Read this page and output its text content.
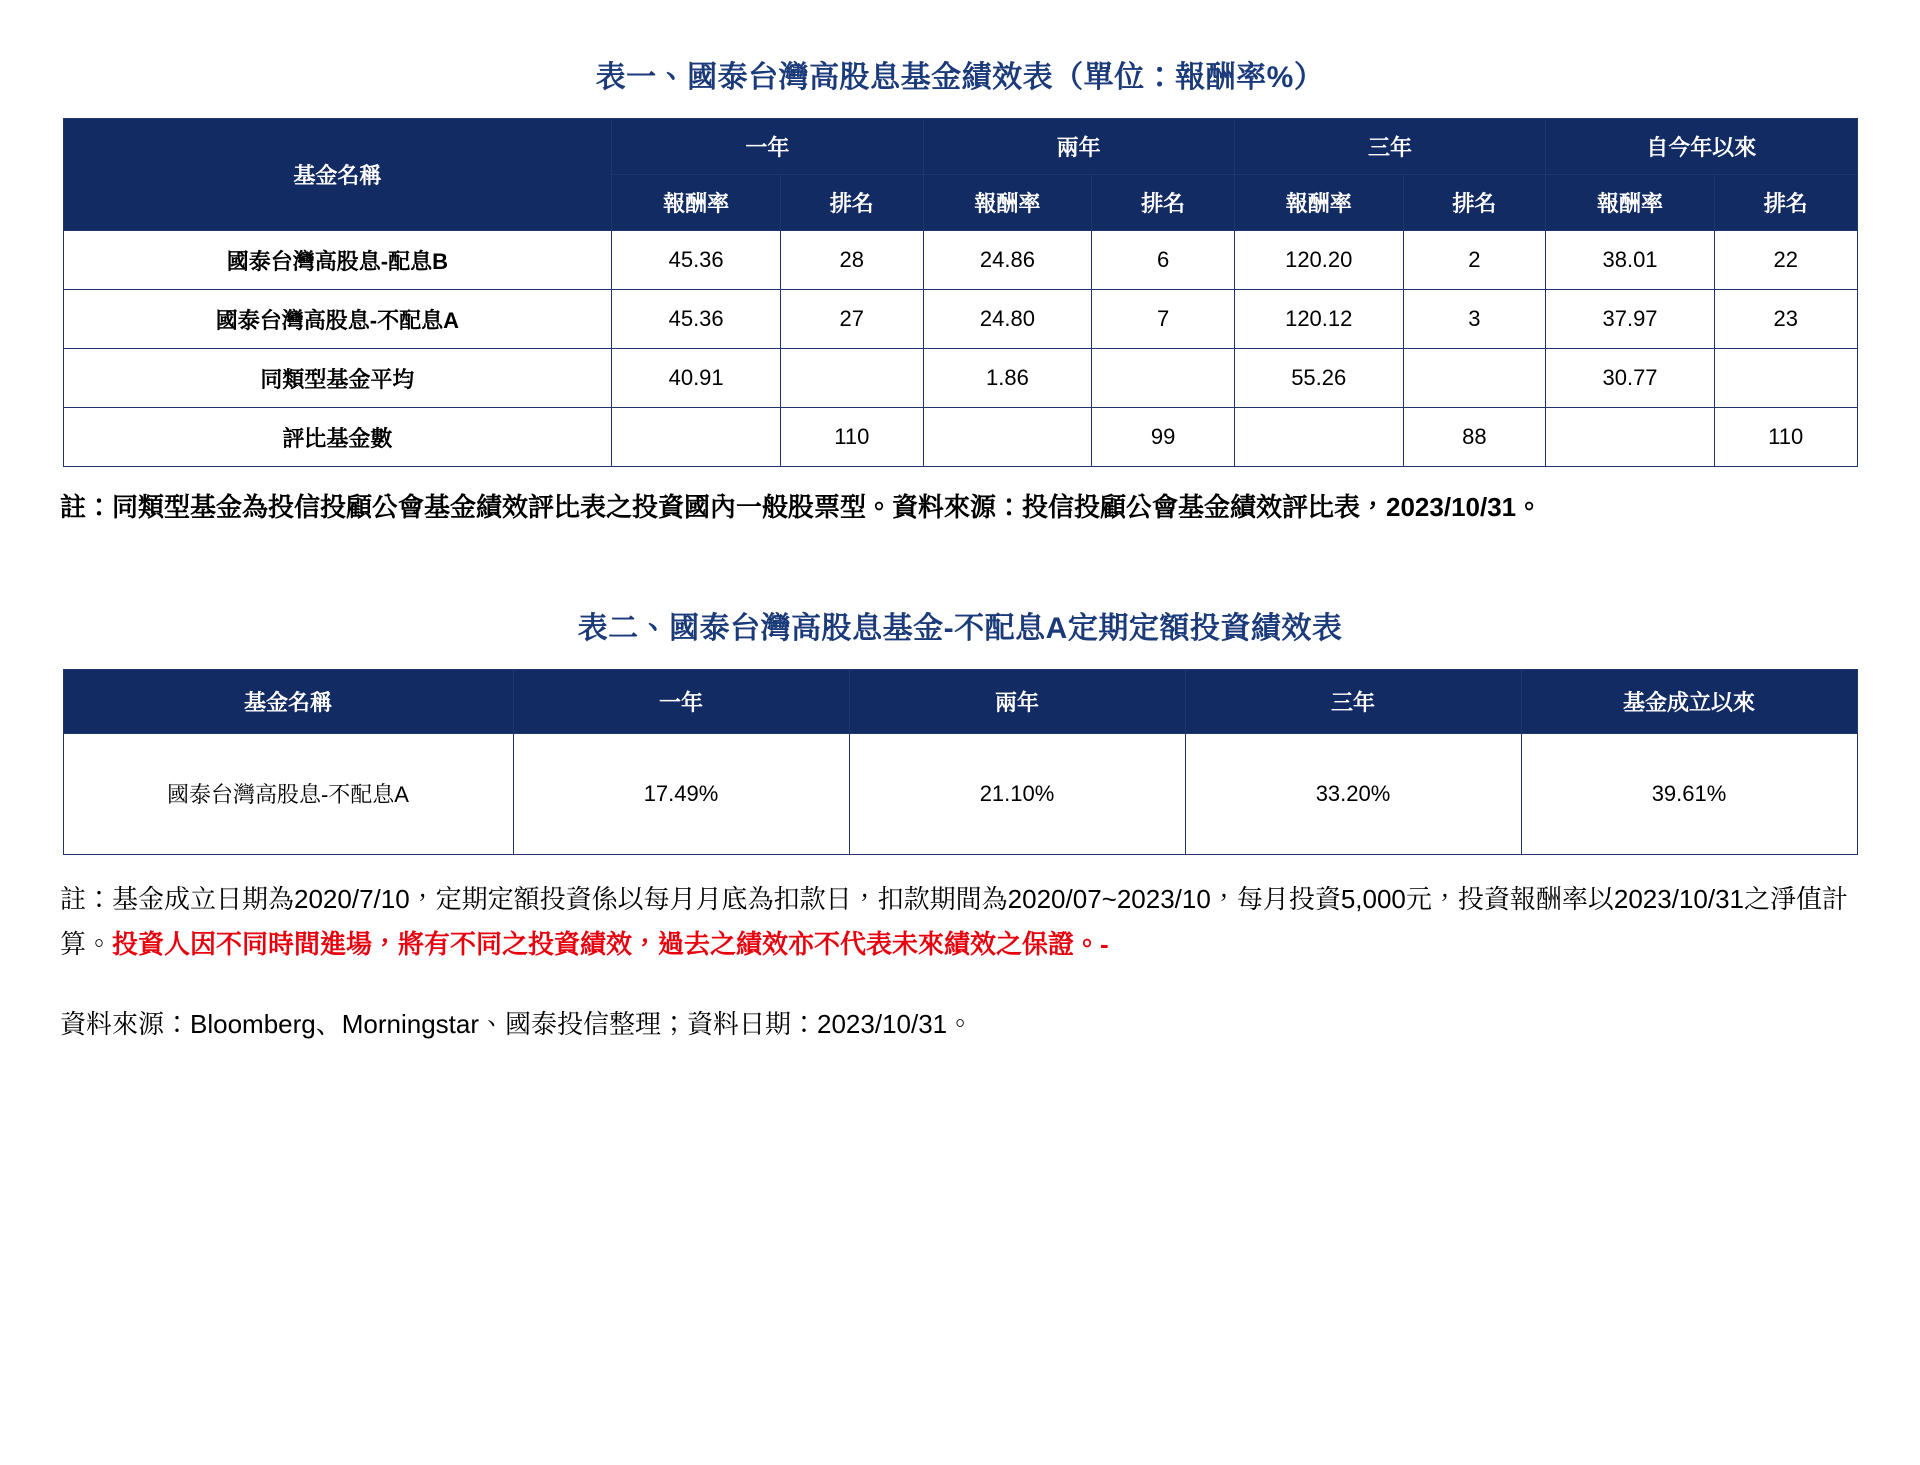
表一、國泰台灣高股息基金績效表（單位：報酬率%）
基金名稱	一年		兩年		三年		自今年以來	
	報酬率	排名	報酬率	排名	報酬率	排名	報酬率	排名
國泰台灣高股息-配息B	45.36	28	24.86	6	120.20	2	38.01	22
國泰台灣高股息-不配息A	45.36	27	24.80	7	120.12	3	37.97	23
同類型基金平均	40.91		1.86		55.26		30.77	
評比基金數		110		99		88		110

註：同類型基金為投信投顧公會基金績效評比表之投資國內一般股票型。資料來源：投信投顧公會基金績效評比表，2023/10/31。

表二、國泰台灣高股息基金-不配息A定期定額投資績效表
基金名稱	一年	兩年	三年	基金成立以來
國泰台灣高股息-不配息A	17.49%	21.10%	33.20%	39.61%

註：基金成立日期為2020/7/10，定期定額投資係以每月月底為扣款日，扣款期間為2020/07~2023/10，每月投資5,000元，投資報酬率以2023/10/31之淨值計算。投資人因不同時間進場，將有不同之投資績效，過去之績效亦不代表未來績效之保證。-

資料來源：Bloomberg、Morningstar、國泰投信整理；資料日期：2023/10/31。
